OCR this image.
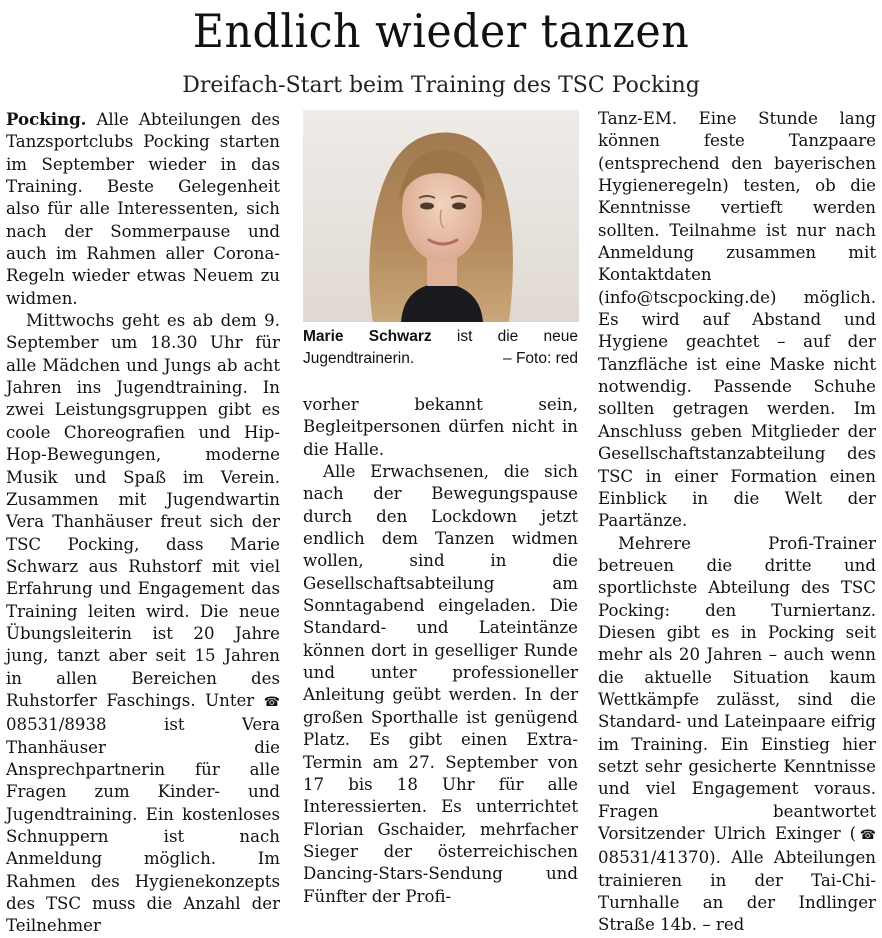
Endlich wieder tanzen
Dreifach-Start beim Training des TSC Pocking

Pocking. Alle Abteilungen des Tanzsportclubs Pocking starten im September wieder in das Training. Beste Gelegenheit also für alle Interessenten, sich nach der Sommerpause und auch im Rahmen aller Corona-Regeln wieder etwas Neuem zu widmen.

Mittwochs geht es ab dem 9. September um 18.30 Uhr für alle Mädchen und Jungs ab acht Jahren ins Jugendtraining. In zwei Leistungsgruppen gibt es coole Choreografien und Hip-Hop-Bewegungen, moderne Musik und Spaß im Verein. Zusammen mit Jugendwartin Vera Thanhäuser freut sich der TSC Pocking, dass Marie Schwarz aus Ruhstorf mit viel Erfahrung und Engagement das Training leiten wird. Die neue Übungsleiterin ist 20 Jahre jung, tanzt aber seit 15 Jahren in allen Bereichen des Ruhstorfer Faschings. Unter ☎ 08531/8938	ist Vera Thanhäuser die Ansprechpartnerin für alle Fragen zum Kinder- und Jugendtraining. Ein kostenloses Schnuppern ist nach Anmeldung möglich. Im Rahmen des Hygienekonzepts des TSC muss die Anzahl der Teilnehmer

Marie Schwarz ist die neue Jugendtrainerin.	– Foto: red

vorher bekannt sein, Begleitpersonen dürfen nicht in die Halle.

Alle Erwachsenen, die sich nach der Bewegungspause durch den Lockdown jetzt endlich dem Tanzen widmen wollen, sind in die Gesellschaftsabteilung am Sonntagabend eingeladen. Die Standard- und Lateintänze können dort in geselliger Runde und unter professioneller Anleitung geübt werden. In der großen Sporthalle ist genügend Platz. Es gibt einen Extra-Termin am 27. September von 17 bis 18 Uhr für alle Interessierten. Es unterrichtet Florian Gschaider, mehrfacher Sieger der österreichischen Dancing-Stars-Sendung und Fünfter der Profi-

Tanz-EM. Eine Stunde lang können feste Tanzpaare (entsprechend den bayerischen Hygieneregeln) testen, ob die Kenntnisse vertieft werden sollten. Teilnahme ist nur nach Anmeldung zusammen mit Kontaktdaten (info@tscpocking.de) möglich. Es wird auf Abstand und Hygiene geachtet – auf der Tanzfläche ist eine Maske nicht notwendig. Passende Schuhe sollten getragen werden. Im Anschluss geben Mitglieder der Gesellschaftstanzabteilung des TSC in einer Formation einen Einblick in die Welt der Paartänze.

Mehrere Profi-Trainer betreuen die dritte und sportlichste Abteilung des TSC Pocking: den Turniertanz. Diesen gibt es in Pocking seit mehr als 20 Jahren – auch wenn die aktuelle Situation kaum Wettkämpfe zulässt, sind die Standard- und Lateinpaare eifrig im Training. Ein Einstieg hier setzt sehr gesicherte Kenntnisse und viel Engagement voraus. Fragen beantwortet Vorsitzender Ulrich Exinger (☎ 08531/41370). Alle Abteilungen trainieren in der Tai-Chi-Turnhalle an der Indlinger Straße 14b. – red
